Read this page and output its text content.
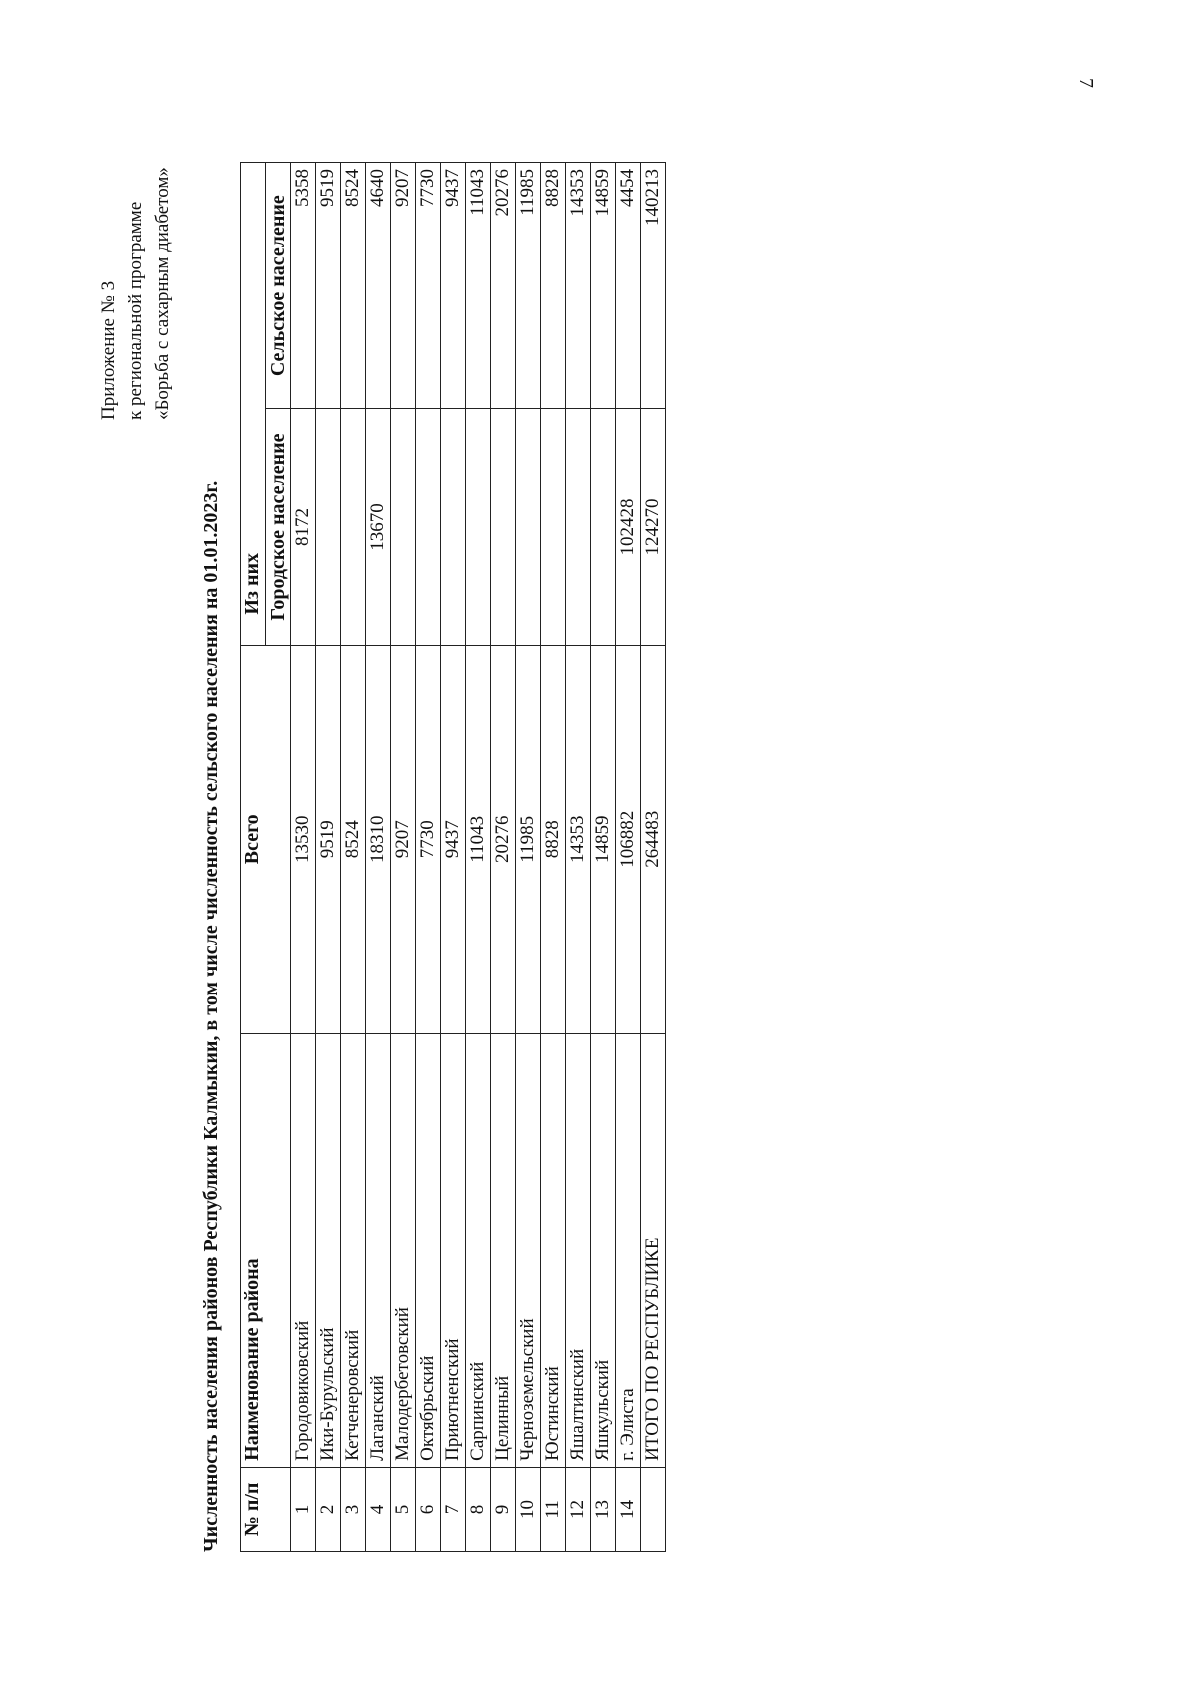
7
Приложение № 3 к региональной программе «Борьба с сахарным диабетом»
Численность населения районов Республики Калмыкии, в том числе численность сельского населения на 01.01.2023г. № п/п	Наименование района	Всего	Из них	
			Городское население	Сельское население
1	Городовиковский	13530	8172	5358
2	Ики-Бурульский	9519		9519
3	Кетченеровский	8524		8524
4	Лаганский	18310	13670	4640
5	Малодербетовский	9207		9207
6	Октябрьский	7730		7730
7	Приютненский	9437		9437
8	Сарпинский	11043		11043
9	Целинный	20276		20276
10	Черноземельский	11985		11985
11	Юстинский	8828		8828
12	Яшалтинский	14353		14353
13	Яшкульский	14859		14859
14	г. Элиста	106882	102428	4454
	ИТОГО ПО РЕСПУБЛИКЕ	264483	124270	140213
